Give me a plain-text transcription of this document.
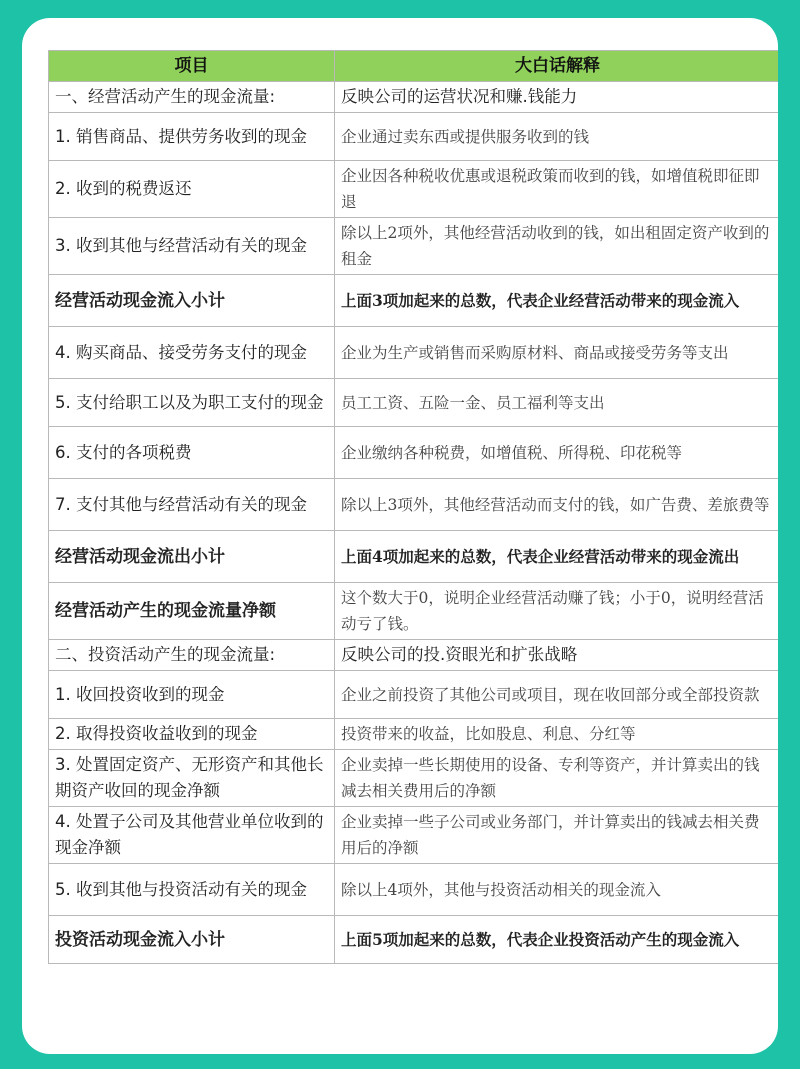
项目	大白话解释
一、经营活动产生的现金流量:	反映公司的运营状况和赚.钱能力
1. 销售商品、提供劳务收到的现金	企业通过卖东西或提供服务收到的钱
2. 收到的税费返还	企业因各种税收优惠或退税政策而收到的钱，如增值税即征即退
3. 收到其他与经营活动有关的现金	除以上2项外，其他经营活动收到的钱，如出租固定资产收到的租金
经营活动现金流入小计	上面3项加起来的总数，代表企业经营活动带来的现金流入
4. 购买商品、接受劳务支付的现金	企业为生产或销售而采购原材料、商品或接受劳务等支出
5. 支付给职工以及为职工支付的现金	员工工资、五险一金、员工福利等支出
6. 支付的各项税费	企业缴纳各种税费，如增值税、所得税、印花税等
7. 支付其他与经营活动有关的现金	除以上3项外，其他经营活动而支付的钱，如广告费、差旅费等
经营活动现金流出小计	上面4项加起来的总数，代表企业经营活动带来的现金流出
经营活动产生的现金流量净额	这个数大于0，说明企业经营活动赚了钱；小于0，说明经营活动亏了钱。
二、投资活动产生的现金流量:	反映公司的投.资眼光和扩张战略
1. 收回投资收到的现金	企业之前投资了其他公司或项目，现在收回部分或全部投资款
2. 取得投资收益收到的现金	投资带来的收益，比如股息、利息、分红等
3. 处置固定资产、无形资产和其他长期资产收回的现金净额	企业卖掉一些长期使用的设备、专利等资产，并计算卖出的钱减去相关费用后的净额
4. 处置子公司及其他营业单位收到的现金净额	企业卖掉一些子公司或业务部门，并计算卖出的钱减去相关费用后的净额
5. 收到其他与投资活动有关的现金	除以上4项外，其他与投资活动相关的现金流入
投资活动现金流入小计	上面5项加起来的总数，代表企业投资活动产生的现金流入
